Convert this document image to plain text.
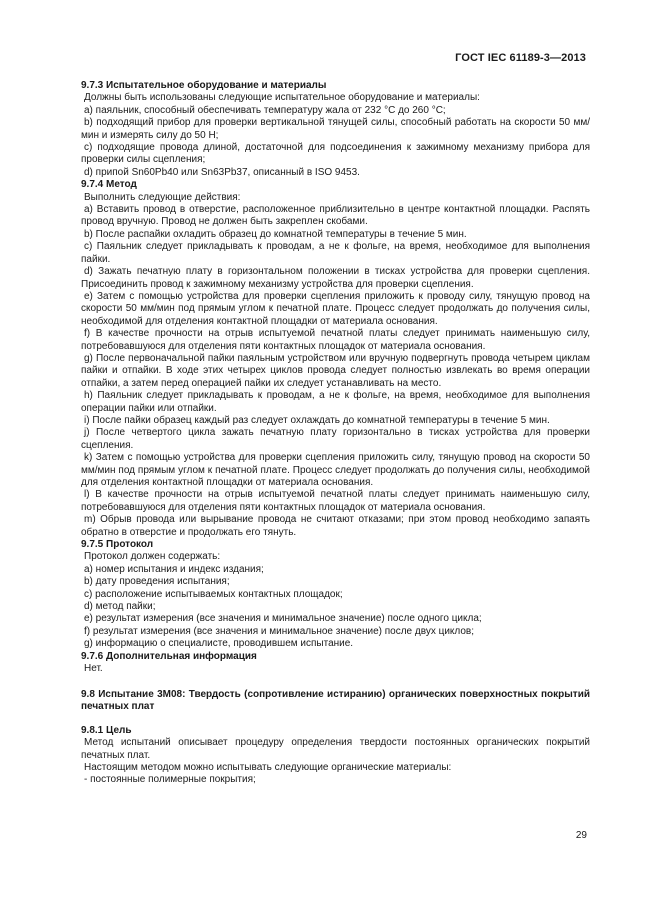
ГОСТ IEC 61189-3—2013

9.7.3 Испытательное оборудование и материалы

Должны быть использованы следующие испытательное оборудование и материалы:

a) паяльник, способный обеспечивать температуру жала от 232 °С до 260 °С;

b) подходящий прибор для проверки вертикальной тянущей силы, способный работать на скорости 50 мм/мин и измерять силу до 50 Н;

c) подходящие провода длиной, достаточной для подсоединения к зажимному механизму прибора для проверки силы сцепления;

d) припой Sn60Pb40 или Sn63Pb37, описанный в ISO 9453.

9.7.4 Метод

Выполнить следующие действия:

a) Вставить провод в отверстие, расположенное приблизительно в центре контактной площадки. Распять провод вручную. Провод не должен быть закреплен скобами.

b) После распайки охладить образец до комнатной температуры в течение 5 мин.

c) Паяльник следует прикладывать к проводам, а не к фольге, на время, необходимое для выполнения пайки.

d) Зажать печатную плату в горизонтальном положении в тисках устройства для проверки сцепления. Присоединить провод к зажимному механизму устройства для проверки сцепления.

e) Затем с помощью устройства для проверки сцепления приложить к проводу силу, тянущую провод на скорости 50 мм/мин под прямым углом к печатной плате. Процесс следует продолжать до получения силы, необходимой для отделения контактной площадки от материала основания.

f) В качестве прочности на отрыв испытуемой печатной платы следует принимать наименьшую силу, потребовавшуюся для отделения пяти контактных площадок от материала основания.

g) После первоначальной пайки паяльным устройством или вручную подвергнуть провода четырем циклам пайки и отпайки. В ходе этих четырех циклов провода следует полностью извлекать во время операции отпайки, а затем перед операцией пайки их следует устанавливать на место.

h) Паяльник следует прикладывать к проводам, а не к фольге, на время, необходимое для выполнения операции пайки или отпайки.

i) После пайки образец каждый раз следует охлаждать до комнатной температуры в течение 5 мин.

j) После четвертого цикла зажать печатную плату горизонтально в тисках устройства для проверки сцепления.

k) Затем с помощью устройства для проверки сцепления приложить силу, тянущую провод на скорости 50 мм/мин под прямым углом к печатной плате. Процесс следует продолжать до получения силы, необходимой для отделения контактной площадки от материала основания.

l) В качестве прочности на отрыв испытуемой печатной платы следует принимать наименьшую силу, потребовавшуюся для отделения пяти контактных площадок от материала основания.

m) Обрыв провода или вырывание провода не считают отказами; при этом провод необходимо запаять обратно в отверстие и продолжать его тянуть.

9.7.5 Протокол

Протокол должен содержать:

a) номер испытания и индекс издания;

b) дату проведения испытания;

c) расположение испытываемых контактных площадок;

d) метод пайки;

e) результат измерения (все значения и минимальное значение) после одного цикла;

f) результат измерения (все значения и минимальное значение) после двух циклов;

g) информацию о специалисте, проводившем испытание.

9.7.6 Дополнительная информация

Нет.

9.8 Испытание 3М08: Твердость (сопротивление истиранию) органических поверхностных покрытий печатных плат

9.8.1 Цель

Метод испытаний описывает процедуру определения твердости постоянных органических покрытий печатных плат.

Настоящим методом можно испытывать следующие органические материалы:

- постоянные полимерные покрытия;

29
